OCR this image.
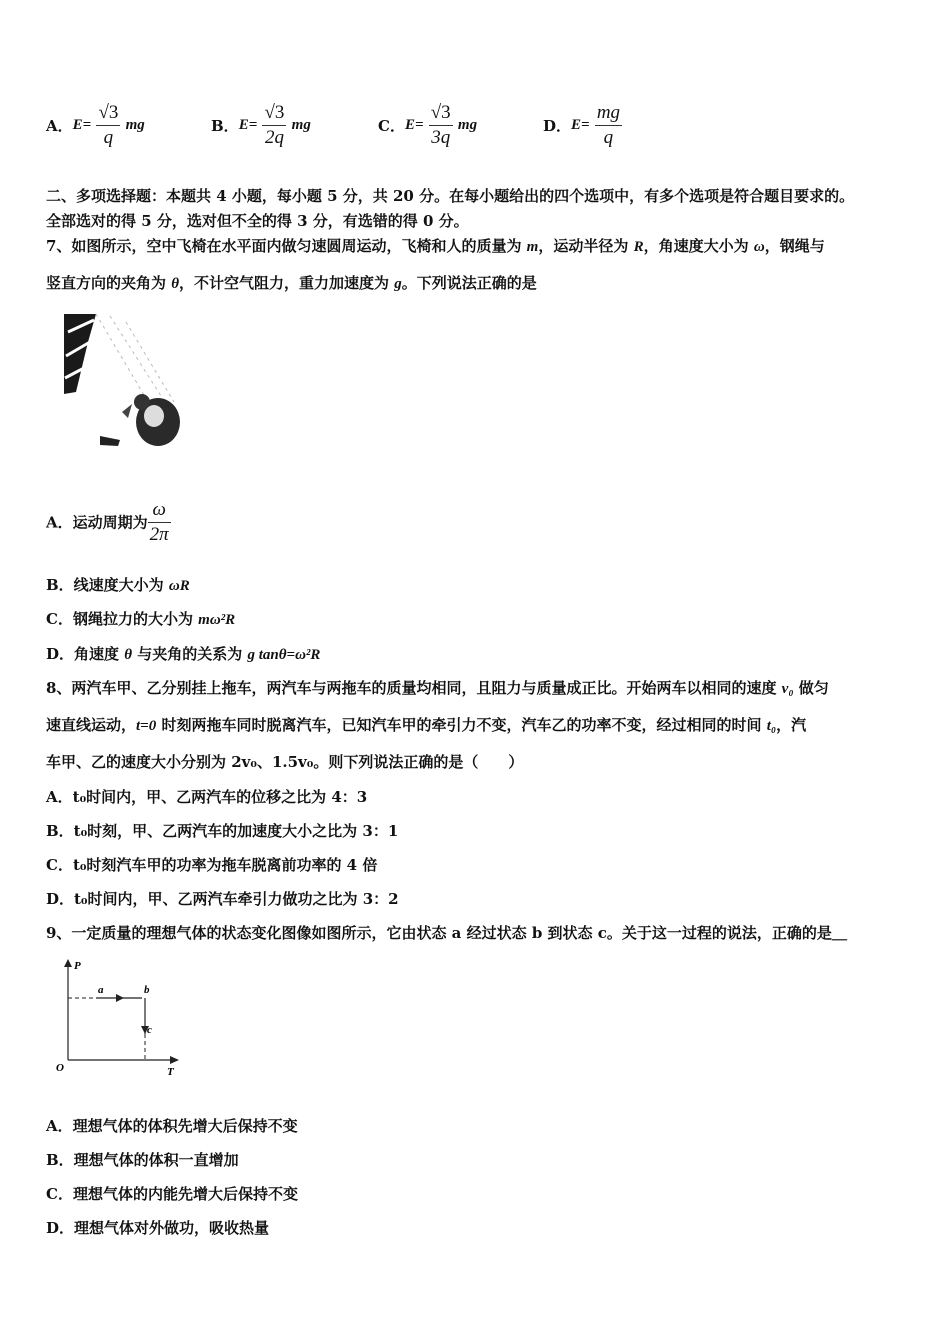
A．$E= \frac{√3}{q}$ mg	B．$E= \frac{√3}{2q}$ mg	C．$E= \frac{√3}{3q}$ mg	D．$E= \frac{mg}{q}$
二、多项选择题：本题共 4 小题，每小题 5 分，共 20 分。在每小题给出的四个选项中，有多个选项是符合题目要求的。
全部选对的得 5 分，选对但不全的得 3 分，有选错的得 0 分。
7、如图所示，空中飞椅在水平面内做匀速圆周运动，飞椅和人的质量为 m，运动半径为 R，角速度大小为 ω，钢绳与
竖直方向的夹角为 θ，不计空气阻力，重力加速度为 g。下列说法正确的是
A．运动周期为 $\frac{\omega}{2\pi}$
B．线速度大小为 ωR
C．钢绳拉力的大小为 mω²R
D．角速度 θ 与夹角的关系为 g tanθ=ω²R
8、两汽车甲、乙分别挂上拖车，两汽车与两拖车的质量均相同，且阻力与质量成正比。开始两车以相同的速度 v₀ 做匀
速直线运动，t=0 时刻两拖车同时脱离汽车，已知汽车甲的牵引力不变，汽车乙的功率不变，经过相同的时间 t₀，汽
车甲、乙的速度大小分别为 2v₀、1.5v₀。则下列说法正确的是（　　）
A．t₀时间内，甲、乙两汽车的位移之比为 4：3
B．t₀时刻，甲、乙两汽车的加速度大小之比为 3：1
C．t₀时刻汽车甲的功率为拖车脱离前功率的 4 倍
D．t₀时间内，甲、乙两汽车牵引力做功之比为 3：2
9、一定质量的理想气体的状态变化图像如图所示，它由状态 a 经过状态 b 到状态 c。关于这一过程的说法，正确的是＿
P
T
O
a	b
c
A．理想气体的体积先增大后保持不变
B．理想气体的体积一直增加
C．理想气体的内能先增大后保持不变
D．理想气体对外做功，吸收热量
